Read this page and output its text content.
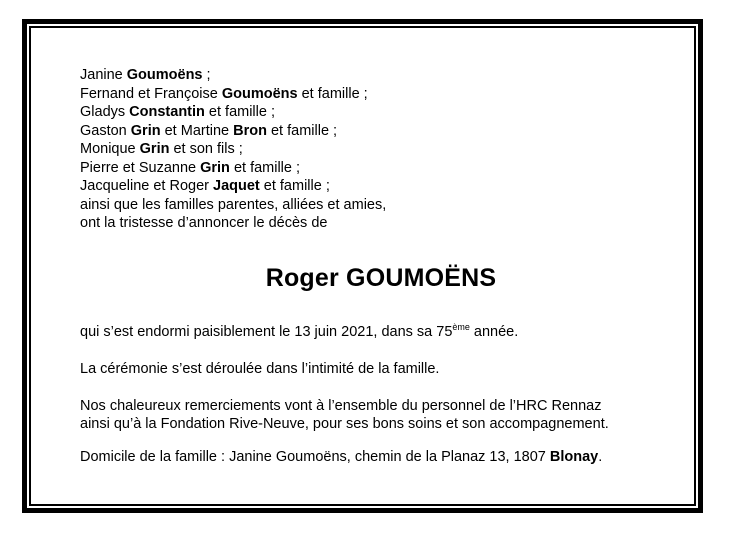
Janine Goumoëns ;
Fernand et Françoise Goumoëns et famille ;
Gladys Constantin et famille ;
Gaston Grin et Martine Bron et famille ;
Monique Grin et son fils ;
Pierre et Suzanne Grin et famille ;
Jacqueline et Roger Jaquet et famille ;
ainsi que les familles parentes, alliées et amies,
ont la tristesse d’annoncer le décès de
Roger GOUMOËNS
qui s’est endormi paisiblement le 13 juin 2021, dans sa 75ème année.
La cérémonie s’est déroulée dans l’intimité de la famille.
Nos chaleureux remerciements vont à l’ensemble du personnel de l’HRC Rennaz
ainsi qu’à la Fondation Rive-Neuve, pour ses bons soins et son accompagnement.
Domicile de la famille : Janine Goumoëns, chemin de la Planaz 13, 1807 Blonay.
